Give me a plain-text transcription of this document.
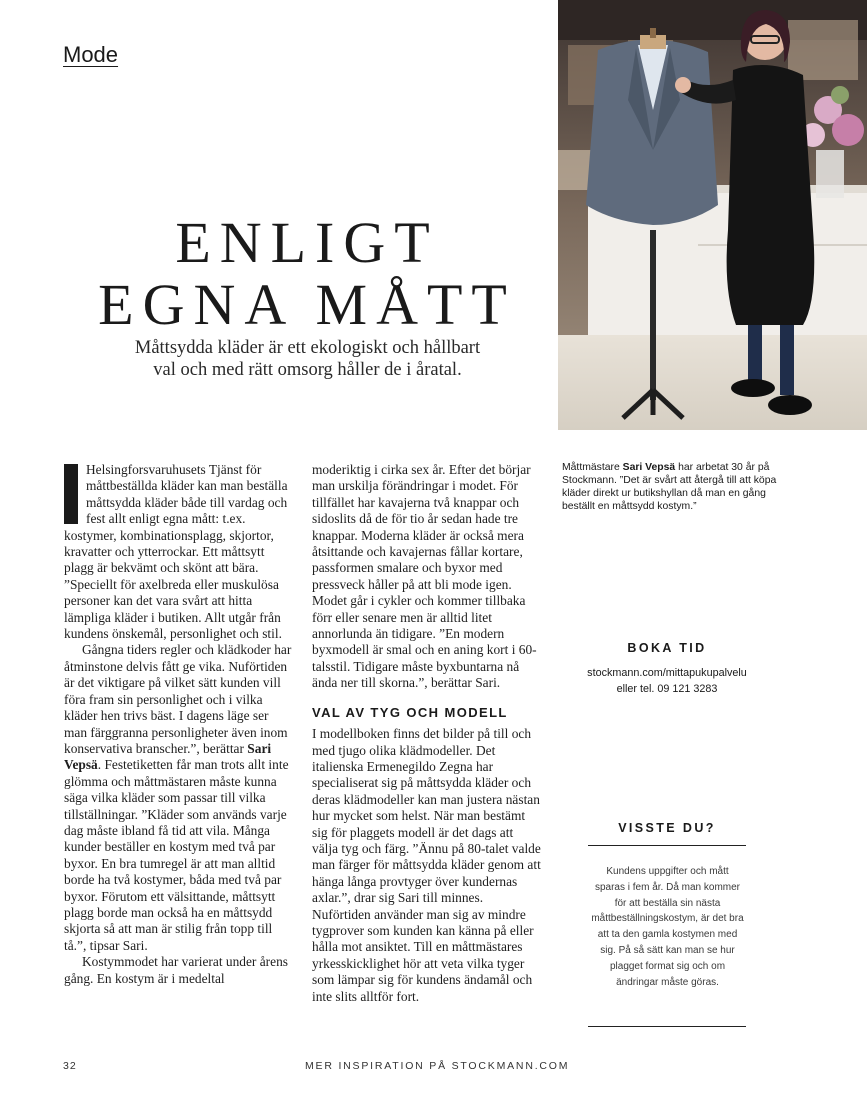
Mode
ENLIGT
EGNA MÅTT
Måttsydda kläder är ett ekologiskt och hållbart
val och med rätt omsorg håller de i åratal.

Helsingforsvaruhusets Tjänst för måttbeställda kläder kan man beställa måttsydda kläder både till vardag och fest allt enligt egna mått: t.ex. kostymer, kombinationsplagg, skjortor, kravatter och ytterrockar. Ett måttsytt plagg är bekvämt och skönt att bära. ”Speciellt för axelbreda eller muskulösa personer kan det vara svårt att hitta lämpliga kläder i butiken. Allt utgår från kundens önskemål, personlighet och stil.

Gångna tiders regler och klädkoder har åtminstone delvis fått ge vika. Nuförtiden är det viktigare på vilket sätt kunden vill föra fram sin personlighet och i vilka kläder hen trivs bäst. I dagens läge ser man färggranna personligheter även inom konservativa branscher.”, berättar Sari Vepsä. Festetiketten får man trots allt inte glömma och måttmästaren måste kunna säga vilka kläder som passar till vilka tillställningar. ”Kläder som används varje dag måste ibland få tid att vila. Många kunder beställer en kostym med två par byxor. En bra tumregel är att man alltid borde ha två kostymer, båda med två par byxor. Förutom ett välsittande, måttsytt plagg borde man också ha en måttsydd skjorta så att man är stilig från topp till tå.”, tipsar Sari.

Kostymmodet har varierat under årens gång. En kostym är i medeltal

moderiktig i cirka sex år. Efter det börjar man urskilja förändringar i modet. För tillfället har kavajerna två knappar och sidoslits då de för tio år sedan hade tre knappar. Moderna kläder är också mera åtsittande och kavajernas fållar kortare, passformen smalare och byxor med pressveck håller på att bli mode igen. Modet går i cykler och kommer tillbaka förr eller senare men är alltid litet annorlunda än tidigare. ”En modern byxmodell är smal och en aning kort i 60-talsstil. Tidigare måste byxbuntarna nå ända ner till skorna.”, berättar Sari.

VAL AV TYG OCH MODELL

I modellboken finns det bilder på till och med tjugo olika klädmodeller. Det italienska Ermenegildo Zegna har specialiserat sig på måttsydda kläder och deras klädmodeller kan man justera nästan hur mycket som helst. När man bestämt sig för plaggets modell är det dags att välja tyg och färg. ”Ännu på 80-talet valde man färger för måttsydda kläder genom att hänga långa provtyger över kundernas axlar.”, drar sig Sari till minnes. Nuförtiden använder man sig av mindre tygprover som kunden kan känna på eller hålla mot ansiktet. Till en måttmästares yrkesskicklighet hör att veta vilka tyger som lämpar sig för kundens ändamål och inte slits alltför fort.

Måttmästare Sari Vepsä har arbetat 30 år på Stockmann. ”Det är svårt att återgå till att köpa kläder direkt ur butikshyllan då man en gång beställt en måttsydd kostym.”
BOKA TID
stockmann.com/mittapukupalvelu
eller tel. 09 121 3283
VISSTE DU?
Kundens uppgifter och mått sparas i fem år. Då man kommer för att beställa sin nästa måttbeställningskostym, är det bra att ta den gamla kostymen med sig. På så sätt kan man se hur plagget format sig och om ändringar måste göras.
32	MER INSPIRATION PÅ STOCKMANN.COM
